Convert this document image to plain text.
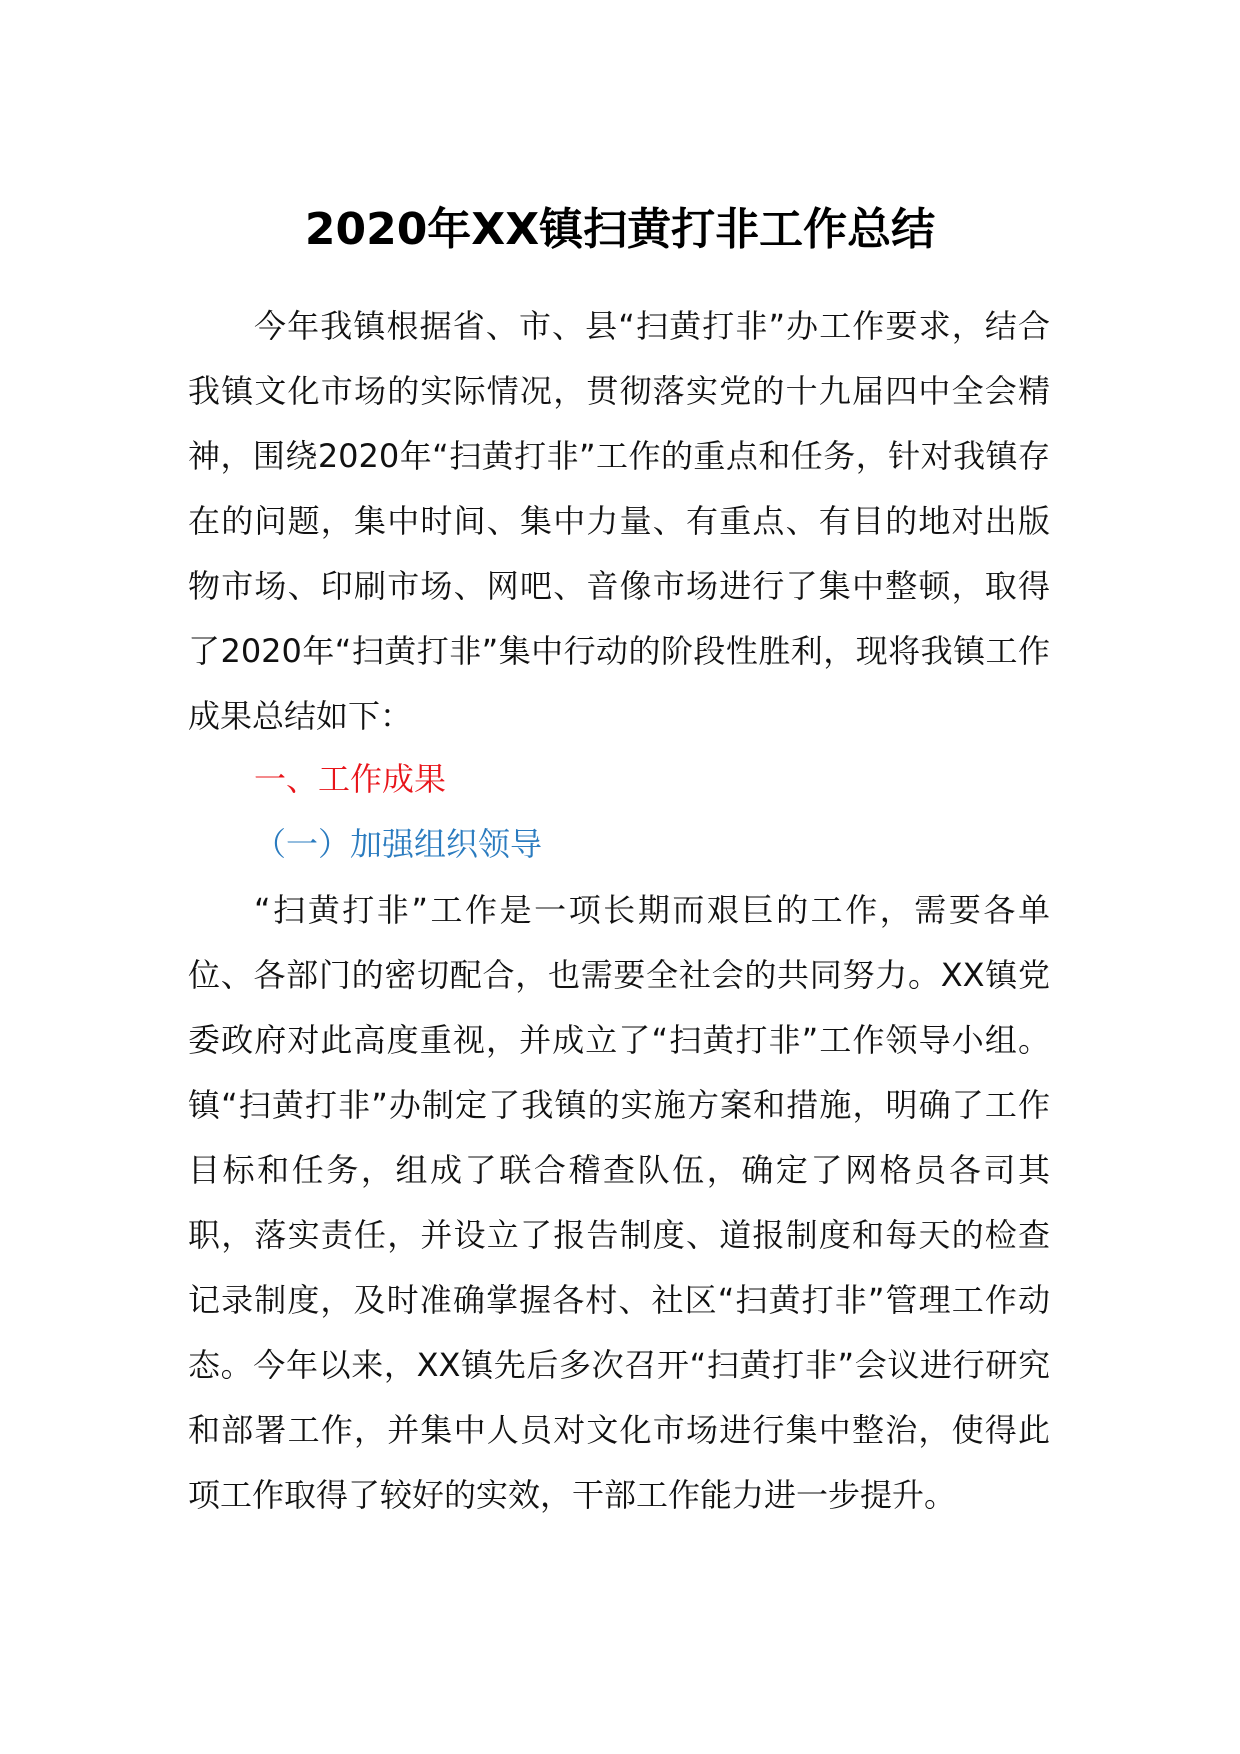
2020年XX镇扫黄打非工作总结
今年我镇根据省、市、县“扫黄打非”办工作要求，结合我镇文化市场的实际情况，贯彻落实党的十九届四中全会精神，围绕2020年“扫黄打非”工作的重点和任务，针对我镇存在的问题，集中时间、集中力量、有重点、有目的地对出版物市场、印刷市场、网吧、音像市场进行了集中整顿，取得了2020年“扫黄打非”集中行动的阶段性胜利，现将我镇工作成果总结如下：
一、工作成果
（一）加强组织领导
“扫黄打非”工作是一项长期而艰巨的工作，需要各单位、各部门的密切配合，也需要全社会的共同努力。XX镇党委政府对此高度重视，并成立了“扫黄打非”工作领导小组。镇“扫黄打非”办制定了我镇的实施方案和措施，明确了工作目标和任务，组成了联合稽查队伍，确定了网格员各司其职，落实责任，并设立了报告制度、道报制度和每天的检查记录制度，及时准确掌握各村、社区“扫黄打非”管理工作动态。今年以来，XX镇先后多次召开“扫黄打非”会议进行研究和部署工作，并集中人员对文化市场进行集中整治，使得此项工作取得了较好的实效，干部工作能力进一步提升。
